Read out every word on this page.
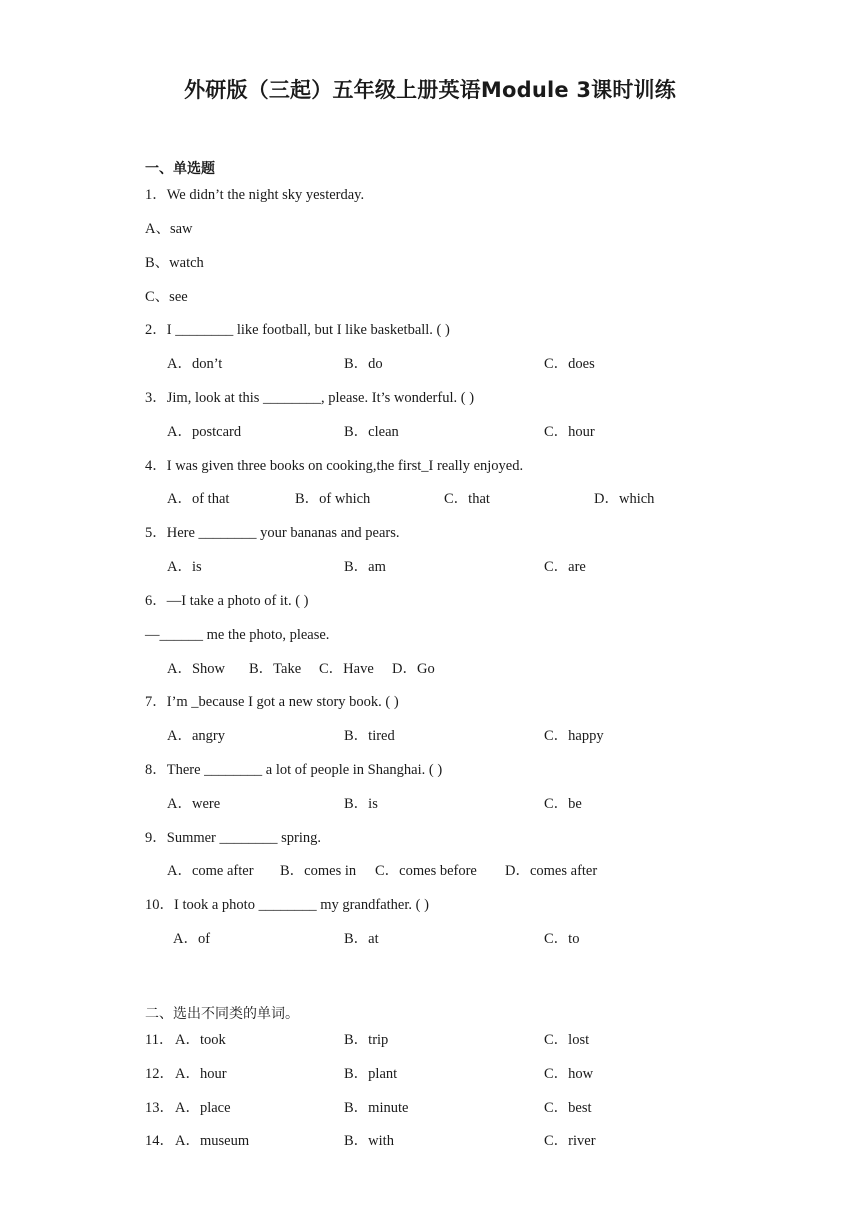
外研版（三起）五年级上册英语Module 3课时训练
一、单选题
1．We didn’t the night sky yesterday.
A、saw
B、watch
C、see
2．I ________ like football, but I like basketball. ( )
A．don’t	B．do	C．does
3．Jim, look at this ________, please. It’s wonderful. ( )
A．postcard	B．clean	C．hour
4．I was given three books on cooking,the first_I really enjoyed.
A．of that	B．of which	C．that	D．which
5．Here ________ your bananas and pears.
A．is	B．am	C．are
6．—I take a photo of it. ( )
—______ me the photo, please.
A．Show B．Take C．Have D．Go
7．I’m _because I got a new story book. ( )
A．angry	B．tired	C．happy
8．There ________ a lot of people in Shanghai. ( )
A．were	B．is	C．be
9．Summer ________ spring.
A．come after B．comes in C．comes before D．comes after
10．I took a photo ________ my grandfather. ( )
A．of	B．at	C．to
二、选出不同类的单词。
11． A．took	B．trip	C．lost
12． A．hour	B．plant	C．how
13． A．place	B．minute	C．best
14． A．museum	B．with	C．river
